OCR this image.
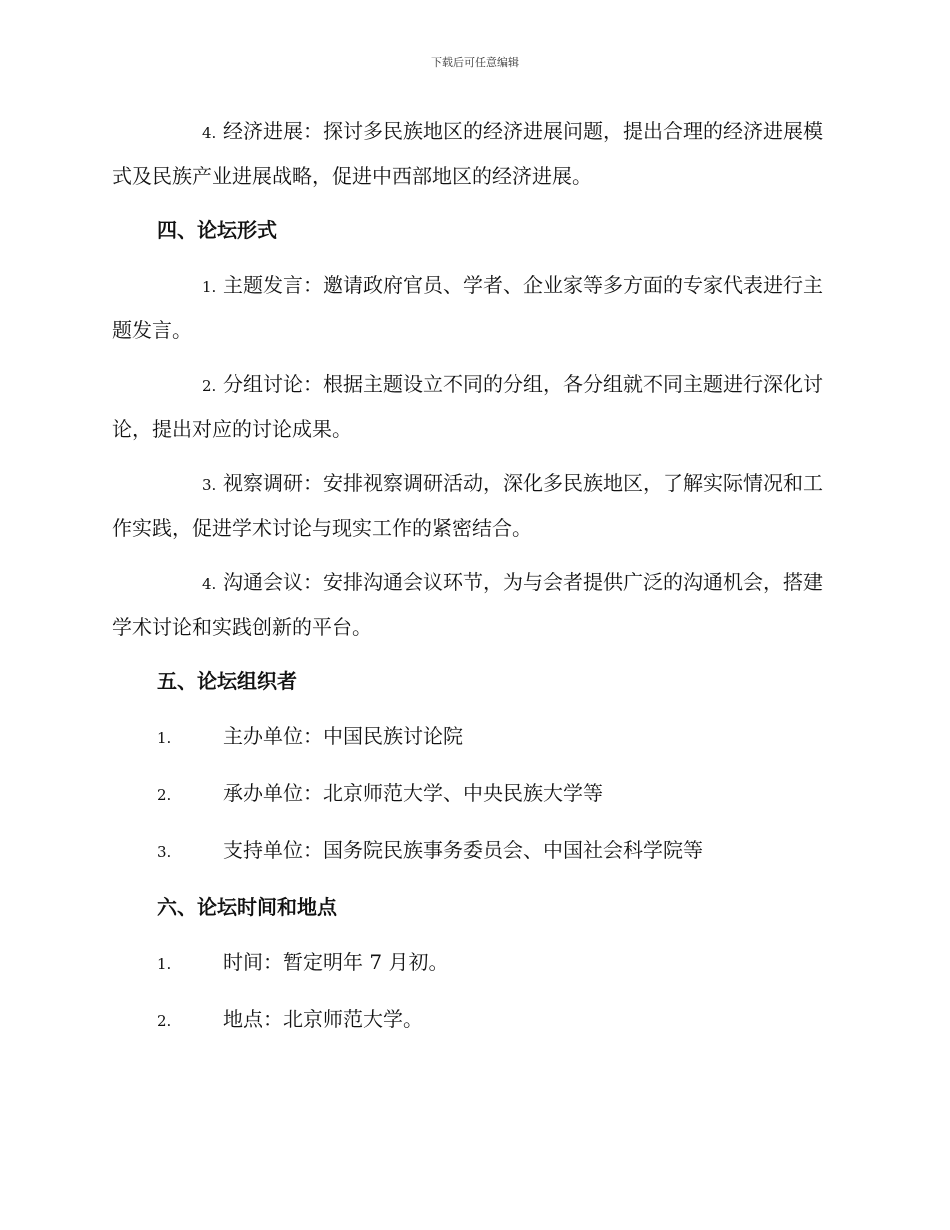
下载后可任意编辑

4. 经济进展：探讨多民族地区的经济进展问题，提出合理的经济进展模式及民族产业进展战略，促进中西部地区的经济进展。

四、论坛形式

1. 主题发言：邀请政府官员、学者、企业家等多方面的专家代表进行主题发言。

2. 分组讨论：根据主题设立不同的分组，各分组就不同主题进行深化讨论，提出对应的讨论成果。

3. 视察调研：安排视察调研活动，深化多民族地区，了解实际情况和工作实践，促进学术讨论与现实工作的紧密结合。

4. 沟通会议：安排沟通会议环节，为与会者提供广泛的沟通机会，搭建学术讨论和实践创新的平台。

五、论坛组织者
1.	主办单位：中国民族讨论院
2.	承办单位：北京师范大学、中央民族大学等
3.	支持单位：国务院民族事务委员会、中国社会科学院等
六、论坛时间和地点
1.	时间：暂定明年 7 月初。
2.	地点：北京师范大学。
